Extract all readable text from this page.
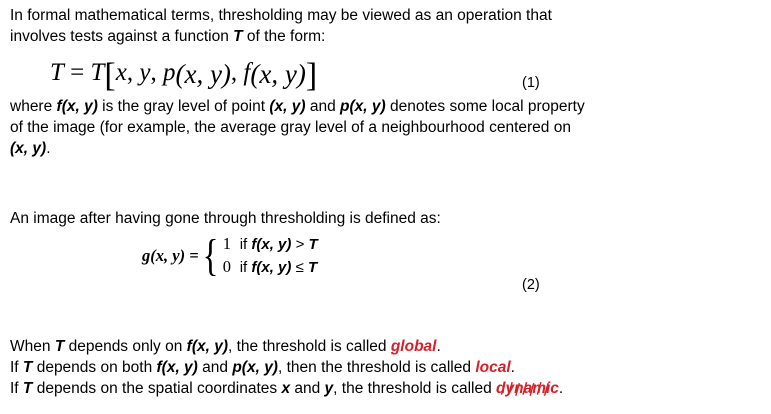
In formal mathematical terms, thresholding may be viewed as an operation that
involves tests against a function T of the form:
T = T[x, y, p(x, y), f(x, y)]	(1)
where f(x, y) is the gray level of point (x, y) and p(x, y) denotes some local property
of the image (for example, the average gray level of a neighbourhood centered on
(x, y).
An image after having gone through thresholding is defined as:
g(x, y) = { 1 if f(x, y) > T
0 if f(x, y) ≤ T
(2)
When T depends only on f(x, y), the threshold is called global.
If T depends on both f(x, y) and p(x, y), then the threshold is called local.
If T depends on the spatial coordinates x and y, the threshold is called dynamic
.
